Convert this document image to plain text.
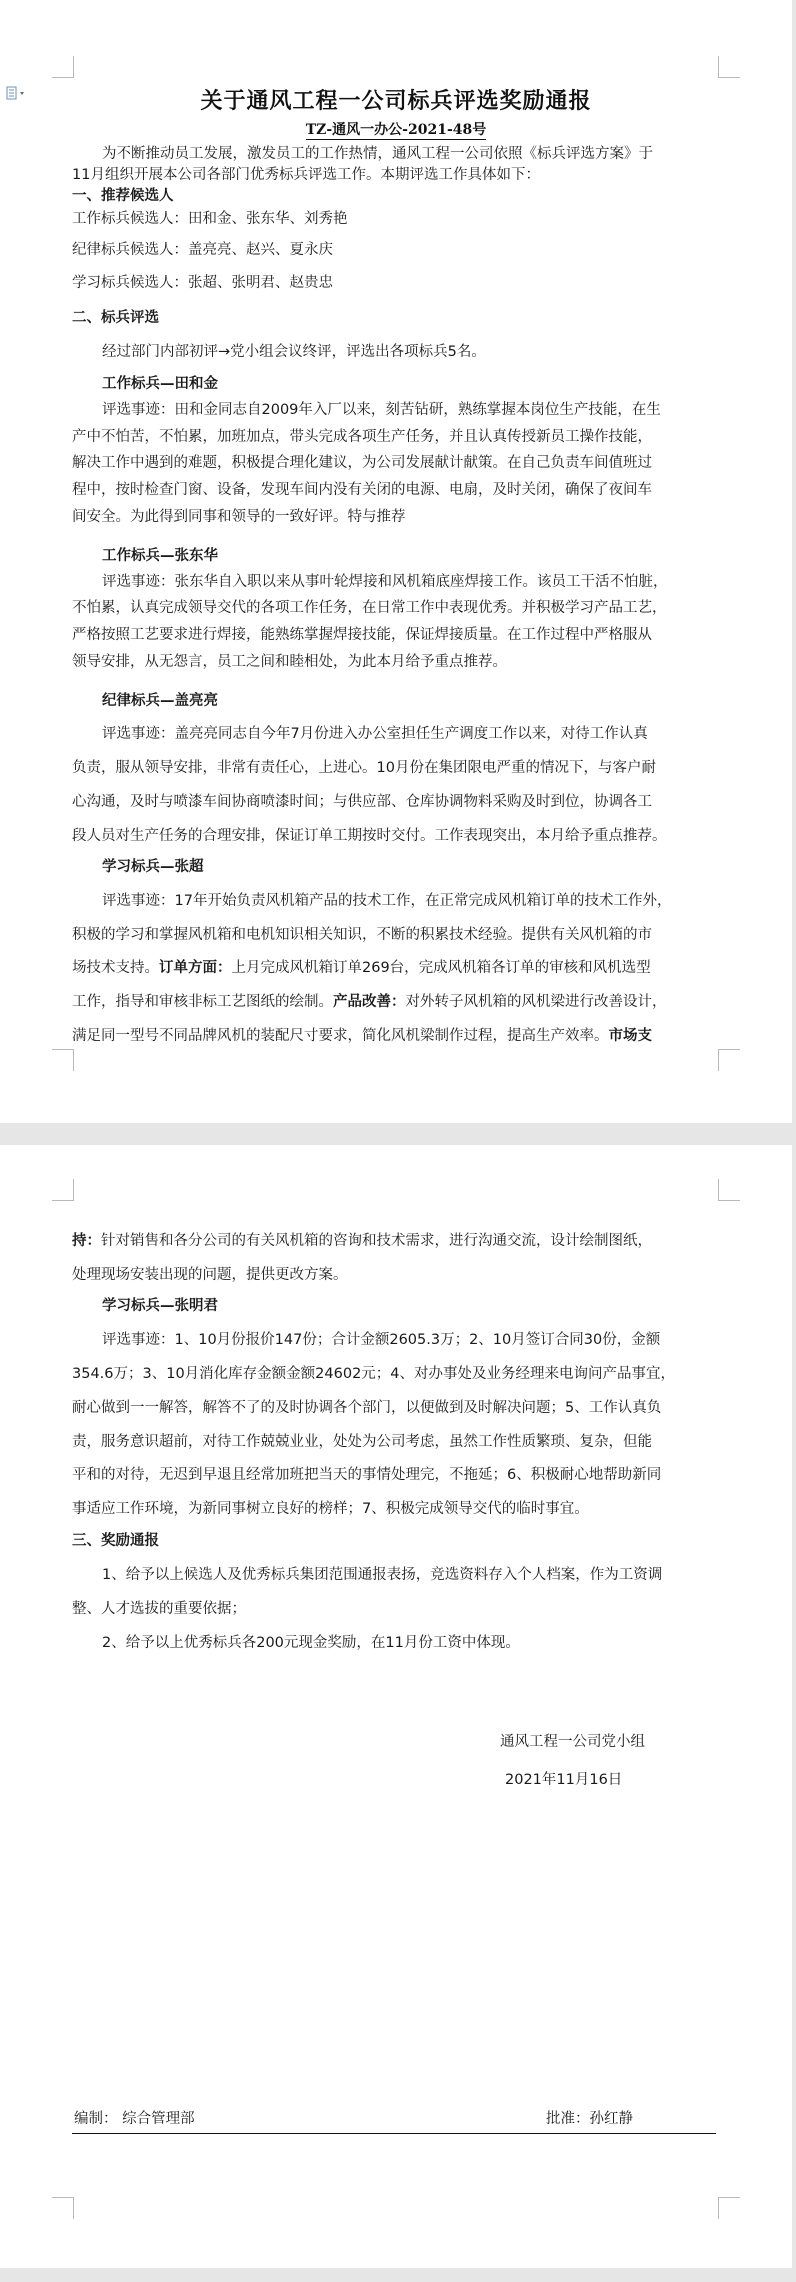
关于通风工程一公司标兵评选奖励通报
TZ-通风一办公-2021-48号
为不断推动员工发展，激发员工的工作热情，通风工程一公司依照《标兵评选方案》于
11月组织开展本公司各部门优秀标兵评选工作。本期评选工作具体如下：
一、推荐候选人
工作标兵候选人：田和金、张东华、刘秀艳
纪律标兵候选人：盖亮亮、赵兴、夏永庆
学习标兵候选人：张超、张明君、赵贵忠
二、标兵评选
经过部门内部初评→党小组会议终评，评选出各项标兵5名。
工作标兵—田和金
评选事迹：田和金同志自2009年入厂以来，刻苦钻研，熟练掌握本岗位生产技能，在生
产中不怕苦，不怕累，加班加点，带头完成各项生产任务，并且认真传授新员工操作技能，
解决工作中遇到的难题，积极提合理化建议，为公司发展献计献策。在自己负责车间值班过
程中，按时检查门窗、设备，发现车间内没有关闭的电源、电扇，及时关闭，确保了夜间车
间安全。为此得到同事和领导的一致好评。特与推荐
工作标兵—张东华
评选事迹：张东华自入职以来从事叶轮焊接和风机箱底座焊接工作。该员工干活不怕脏，
不怕累，认真完成领导交代的各项工作任务，在日常工作中表现优秀。并积极学习产品工艺，
严格按照工艺要求进行焊接，能熟练掌握焊接技能，保证焊接质量。在工作过程中严格服从
领导安排，从无怨言，员工之间和睦相处，为此本月给予重点推荐。
纪律标兵—盖亮亮
评选事迹：盖亮亮同志自今年7月份进入办公室担任生产调度工作以来，对待工作认真
负责，服从领导安排，非常有责任心，上进心。10月份在集团限电严重的情况下，与客户耐
心沟通，及时与喷漆车间协商喷漆时间；与供应部、仓库协调物料采购及时到位，协调各工
段人员对生产任务的合理安排，保证订单工期按时交付。工作表现突出，本月给予重点推荐。
学习标兵—张超
评选事迹：17年开始负责风机箱产品的技术工作，在正常完成风机箱订单的技术工作外，
积极的学习和掌握风机箱和电机知识相关知识，不断的积累技术经验。提供有关风机箱的市
场技术支持。订单方面：上月完成风机箱订单269台，完成风机箱各订单的审核和风机选型
工作，指导和审核非标工艺图纸的绘制。产品改善：对外转子风机箱的风机梁进行改善设计，
满足同一型号不同品牌风机的装配尺寸要求，简化风机梁制作过程，提高生产效率。市场支
持：针对销售和各分公司的有关风机箱的咨询和技术需求，进行沟通交流，设计绘制图纸，
处理现场安装出现的问题，提供更改方案。
学习标兵—张明君
评选事迹：1、10月份报价147份；合计金额2605.3万；2、10月签订合同30份，金额
354.6万；3、10月消化库存金额金额24602元；4、对办事处及业务经理来电询问产品事宜，
耐心做到一一解答，解答不了的及时协调各个部门，以便做到及时解决问题；5、工作认真负
责，服务意识超前，对待工作兢兢业业，处处为公司考虑，虽然工作性质繁琐、复杂，但能
平和的对待，无迟到早退且经常加班把当天的事情处理完，不拖延；6、积极耐心地帮助新同
事适应工作环境，为新同事树立良好的榜样；7、积极完成领导交代的临时事宜。
三、奖励通报
1、给予以上候选人及优秀标兵集团范围通报表扬，竞选资料存入个人档案，作为工资调
整、人才选拔的重要依据；
2、给予以上优秀标兵各200元现金奖励，在11月份工资中体现。
通风工程一公司党小组
2021年11月16日
编制： 综合管理部	批准：孙红静
